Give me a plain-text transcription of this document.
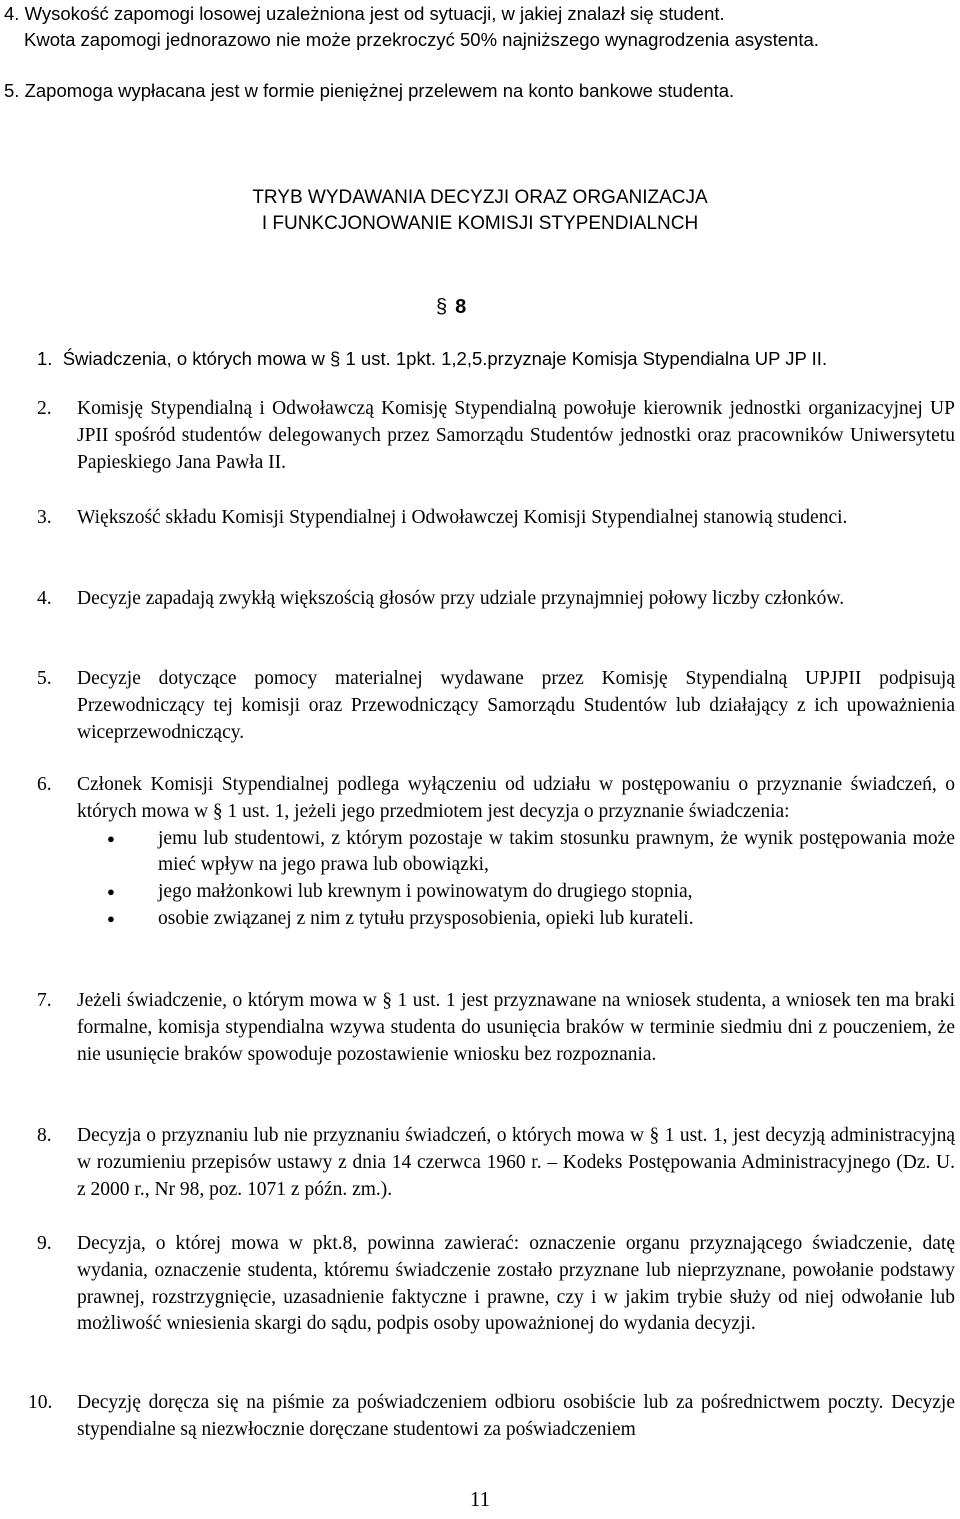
4. Wysokość zapomogi losowej uzależniona jest od sytuacji, w jakiej znalazł się student.
Kwota zapomogi jednorazowo nie może przekroczyć 50% najniższego wynagrodzenia asystenta.
5. Zapomoga wypłacana jest w formie pieniężnej przelewem na konto bankowe studenta.
TRYB WYDAWANIA DECYZJI ORAZ ORGANIZACJA
I FUNKCJONOWANIE KOMISJI STYPENDIALNCH
§ 8
1. Świadczenia, o których mowa w § 1 ust. 1pkt. 1,2,5.przyznaje Komisja Stypendialna UP JP II.
2.	Komisję Stypendialną i Odwoławczą Komisję Stypendialną powołuje kierownik jednostki organizacyjnej UP JPII spośród studentów delegowanych przez Samorządu Studentów jednostki oraz pracowników Uniwersytetu Papieskiego Jana Pawła II.
3.	Większość składu Komisji Stypendialnej i Odwoławczej Komisji Stypendialnej stanowią studenci.
4.	Decyzje zapadają zwykłą większością głosów przy udziale przynajmniej połowy liczby członków.
5.	Decyzje dotyczące pomocy materialnej wydawane przez Komisję Stypendialną UPJPII podpisują Przewodniczący tej komisji oraz Przewodniczący Samorządu Studentów lub działający z ich upoważnienia wiceprzewodniczący.
6.	Członek Komisji Stypendialnej podlega wyłączeniu od udziału w postępowaniu o przyznanie świadczeń, o których mowa w § 1 ust. 1, jeżeli jego przedmiotem jest decyzja o przyznanie świadczenia:
● jemu lub studentowi, z którym pozostaje w takim stosunku prawnym, że wynik postępowania może mieć wpływ na jego prawa lub obowiązki,
● jego małżonkowi lub krewnym i powinowatym do drugiego stopnia,
● osobie związanej z nim z tytułu przysposobienia, opieki lub kurateli.
7.	Jeżeli świadczenie, o którym mowa w § 1 ust. 1 jest przyznawane na wniosek studenta, a wniosek ten ma braki formalne, komisja stypendialna wzywa studenta do usunięcia braków w terminie siedmiu dni z pouczeniem, że nie usunięcie braków spowoduje pozostawienie wniosku bez rozpoznania.
8.	Decyzja o przyznaniu lub nie przyznaniu świadczeń, o których mowa w § 1 ust. 1, jest decyzją administracyjną w rozumieniu przepisów ustawy z dnia 14 czerwca 1960 r. – Kodeks Postępowania Administracyjnego (Dz. U. z 2000 r., Nr 98, poz. 1071 z późn. zm.).
9.	Decyzja, o której mowa w pkt.8, powinna zawierać: oznaczenie organu przyznającego świadczenie, datę wydania, oznaczenie studenta, któremu świadczenie zostało przyznane lub nieprzyznane, powołanie podstawy prawnej, rozstrzygnięcie, uzasadnienie faktyczne i prawne, czy i w jakim trybie służy od niej odwołanie lub możliwość wniesienia skargi do sądu, podpis osoby upoważnionej do wydania decyzji.
10.	Decyzję doręcza się na piśmie za poświadczeniem odbioru osobiście lub za pośrednictwem poczty. Decyzje stypendialne są niezwłocznie doręczane studentowi za poświadczeniem
11
